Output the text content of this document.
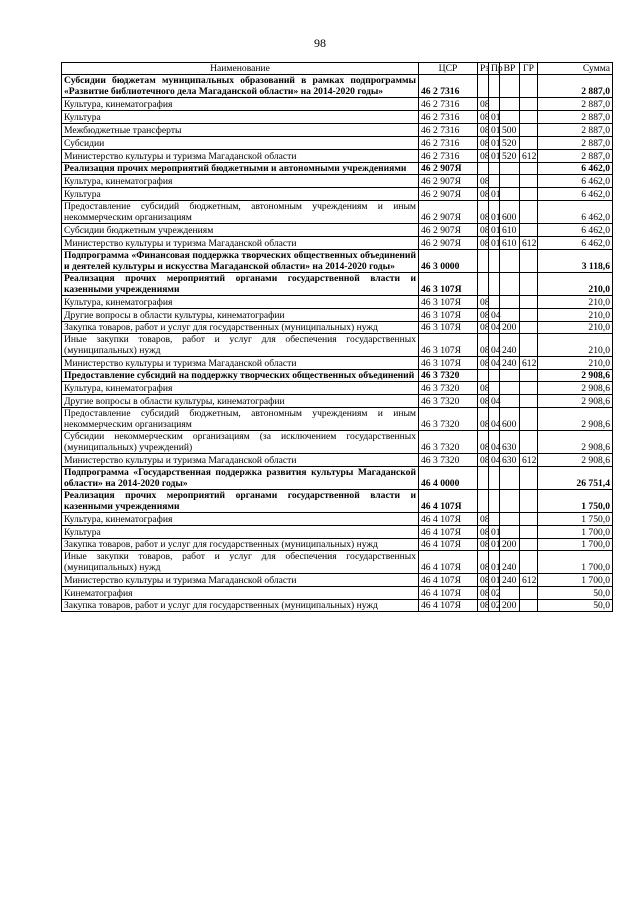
98
Наименование	ЦСР	Рз	Пр	ВР	ГР	Сумма
Субсидии бюджетам муниципальных образований в рамках подпрограммы «Развитие библиотечного дела Магаданской области» на 2014-2020 годы»	46 2 7316					2 887,0
Культура, кинематография	46 2 7316	08				2 887,0
Культура	46 2 7316	08	01			2 887,0
Межбюджетные трансферты	46 2 7316	08	01	500		2 887,0
Субсидии	46 2 7316	08	01	520		2 887,0
Министерство культуры и туризма Магаданской области	46 2 7316	08	01	520	612	2 887,0
Реализация прочих мероприятий бюджетными и автономными учреждениями	46 2 907Я					6 462,0
Культура, кинематография	46 2 907Я	08				6 462,0
Культура	46 2 907Я	08	01			6 462,0
Предоставление субсидий бюджетным, автономным учреждениям и иным некоммерческим организациям	46 2 907Я	08	01	600		6 462,0
Субсидии бюджетным учреждениям	46 2 907Я	08	01	610		6 462,0
Министерство культуры и туризма Магаданской области	46 2 907Я	08	01	610	612	6 462,0
Подпрограмма «Финансовая поддержка творческих общественных объединений и деятелей культуры и искусства Магаданской области» на 2014-2020 годы»	46 3 0000					3 118,6
Реализация прочих мероприятий органами государственной власти и казенными учреждениями	46 3 107Я					210,0
Культура, кинематография	46 3 107Я	08				210,0
Другие вопросы в области культуры, кинематографии	46 3 107Я	08	04			210,0
Закупка товаров, работ и услуг для государственных (муниципальных) нужд	46 3 107Я	08	04	200		210,0
Иные закупки товаров, работ и услуг для обеспечения государственных (муниципальных) нужд	46 3 107Я	08	04	240		210,0
Министерство культуры и туризма Магаданской области	46 3 107Я	08	04	240	612	210,0
Предоставление субсидий на поддержку творческих общественных объединений	46 3 7320					2 908,6
Культура, кинематография	46 3 7320	08				2 908,6
Другие вопросы в области культуры, кинематографии	46 3 7320	08	04			2 908,6
Предоставление субсидий бюджетным, автономным учреждениям и иным некоммерческим организациям	46 3 7320	08	04	600		2 908,6
Субсидии некоммерческим организациям (за исключением государственных (муниципальных) учреждений)	46 3 7320	08	04	630		2 908,6
Министерство культуры и туризма Магаданской области	46 3 7320	08	04	630	612	2 908,6
Подпрограмма «Государственная поддержка развития культуры Магаданской области» на 2014-2020 годы»	46 4 0000					26 751,4
Реализация прочих мероприятий органами государственной власти и казенными учреждениями	46 4 107Я					1 750,0
Культура, кинематография	46 4 107Я	08				1 750,0
Культура	46 4 107Я	08	01			1 700,0
Закупка товаров, работ и услуг для государственных (муниципальных) нужд	46 4 107Я	08	01	200		1 700,0
Иные закупки товаров, работ и услуг для обеспечения государственных (муниципальных) нужд	46 4 107Я	08	01	240		1 700,0
Министерство культуры и туризма Магаданской области	46 4 107Я	08	01	240	612	1 700,0
Кинематография	46 4 107Я	08	02			50,0
Закупка товаров, работ и услуг для государственных (муниципальных) нужд	46 4 107Я	08	02	200		50,0
